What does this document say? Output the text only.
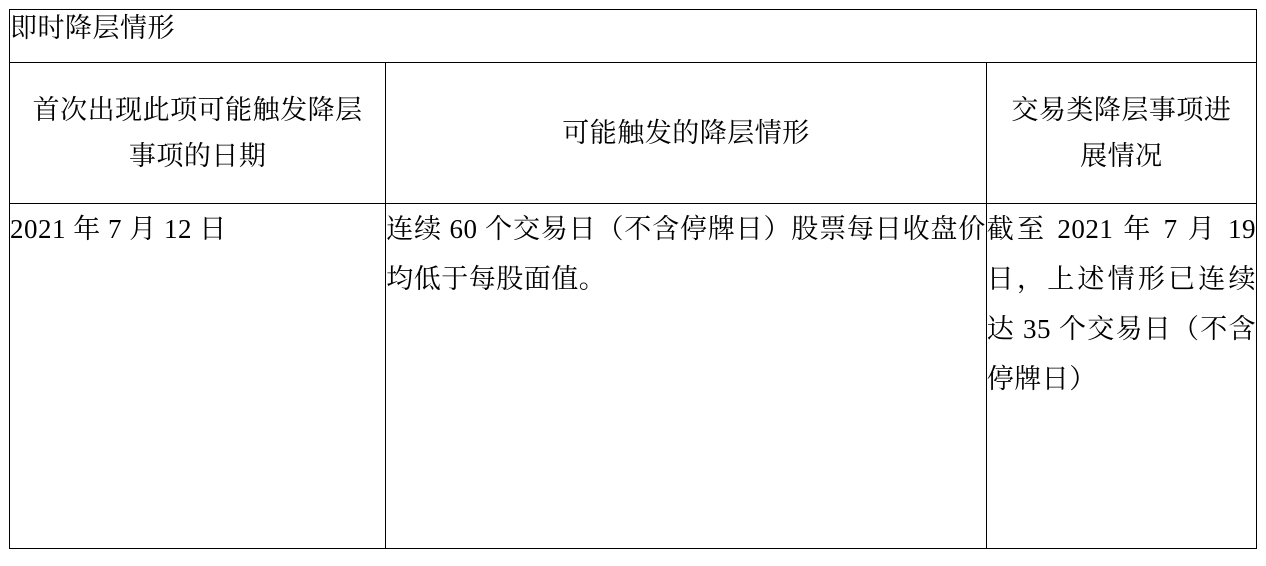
即时降层情形		

首次出现此项可能触发降层事项的日期	可能触发的降层情形	交易类降层事项进展情况

2021 年 7 月 12 日	连续 60 个交易日（不含停牌日）股票每日收盘价均低于每股面值。	截至 2021 年 7 月 19 日，上述情形已连续达 35 个交易日（不含停牌日）
